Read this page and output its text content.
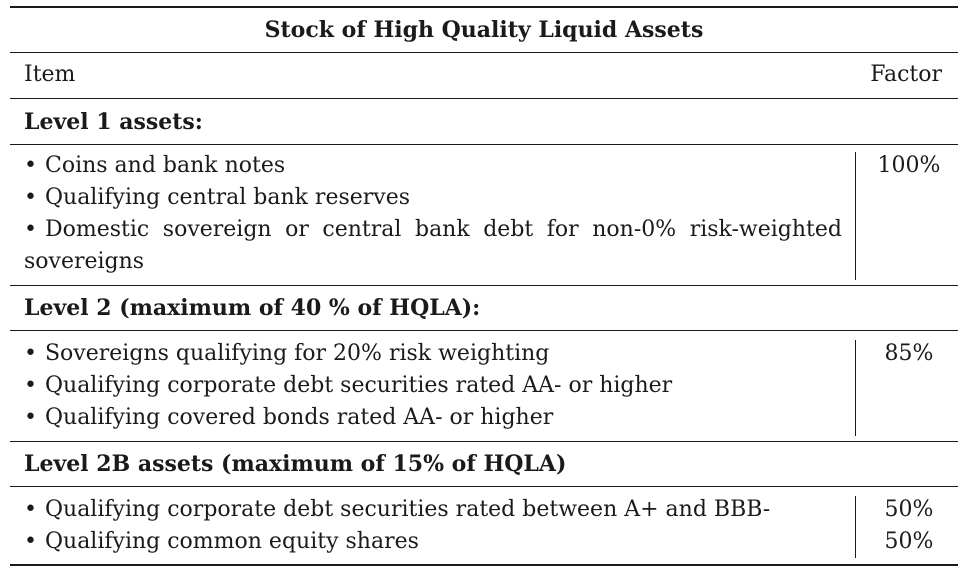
Stock of High Quality Liquid Assets
Item	Factor
Level 1 assets:
• Coins and bank notes
• Qualifying central bank reserves
• Domestic sovereign or central bank debt for non-0% risk-weighted sovereigns
100%
Level 2 (maximum of 40 % of HQLA):
• Sovereigns qualifying for 20% risk weighting
• Qualifying corporate debt securities rated AA- or higher
• Qualifying covered bonds rated AA- or higher
85%
Level 2B assets (maximum of 15% of HQLA)
• Qualifying corporate debt securities rated between A+ and BBB-
• Qualifying common equity shares
50%
50%
